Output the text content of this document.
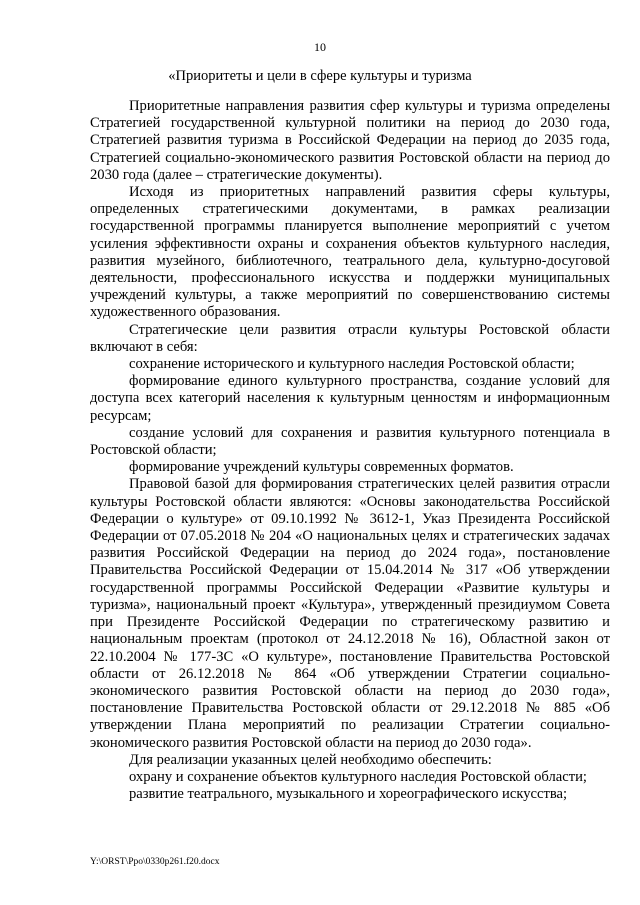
10
«Приоритеты и цели в сфере культуры и туризма

Приоритетные направления развития сфер культуры и туризма определены Стратегией государственной культурной политики на период до 2030 года, Стратегией развития туризма в Российской Федерации на период до 2035 года, Стратегией социально-экономического развития Ростовской области на период до 2030 года (далее – стратегические документы).

Исходя из приоритетных направлений развития сферы культуры, определенных стратегическими документами, в рамках реализации государственной программы планируется выполнение мероприятий с учетом усиления эффективности охраны и сохранения объектов культурного наследия, развития музейного, библиотечного, театрального дела, культурно-досуговой деятельности, профессионального искусства и поддержки муниципальных учреждений культуры, а также мероприятий по совершенствованию системы художественного образования.

Стратегические цели развития отрасли культуры Ростовской области включают в себя:

сохранение исторического и культурного наследия Ростовской области;

формирование единого культурного пространства, создание условий для доступа всех категорий населения к культурным ценностям и информационным ресурсам;

создание условий для сохранения и развития культурного потенциала в Ростовской области;

формирование учреждений культуры современных форматов.

Правовой базой для формирования стратегических целей развития отрасли культуры Ростовской области являются: «Основы законодательства Российской Федерации о культуре» от 09.10.1992 № 3612-1, Указ Президента Российской Федерации от 07.05.2018 № 204 «О национальных целях и стратегических задачах развития Российской Федерации на период до 2024 года», постановление Правительства Российской Федерации от 15.04.2014 № 317 «Об утверждении государственной программы Российской Федерации «Развитие культуры и туризма», национальный проект «Культура», утвержденный президиумом Совета при Президенте Российской Федерации по стратегическому развитию и национальным проектам (протокол от 24.12.2018 № 16), Областной закон от 22.10.2004 № 177-ЗС «О культуре», постановление Правительства Ростовской области от 26.12.2018 № 864 «Об утверждении Стратегии социально-экономического развития Ростовской области на период до 2030 года», постановление Правительства Ростовской области от 29.12.2018 № 885 «Об утверждении Плана мероприятий по реализации Стратегии социально-экономического развития Ростовской области на период до 2030 года».

Для реализации указанных целей необходимо обеспечить:

охрану и сохранение объектов культурного наследия Ростовской области;

развитие театрального, музыкального и хореографического искусства;

Y:\ORST\Ppo\0330p261.f20.docx
